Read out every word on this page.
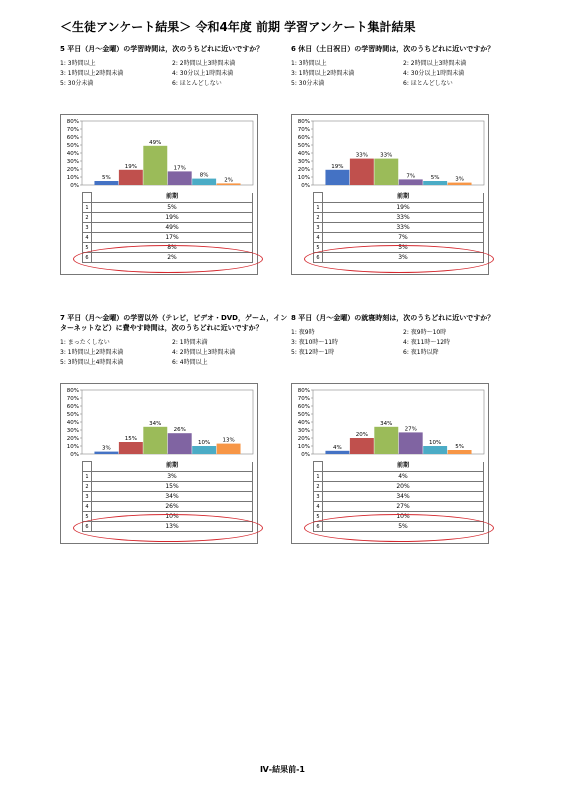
＜生徒アンケート結果＞ 令和4年度 前期 学習アンケート集計結果
5 平日（月～金曜）の学習時間は，次のうちどれに近いですか？
1: 3時間以上	2: 2時間以上3時間未満
3: 1時間以上2時間未満	4: 30分以上1時間未満
5: 30分未満	6: ほとんどしない
0%
10%
20%
30%
40%
50%
60%
70%
80%
5%
19%
49%
17%
8%
2%
	前期
1	5%
2	19%
3	49%
4	17%
5	8%
6	2%
6 休日（土日祝日）の学習時間は，次のうちどれに近いですか？
1: 3時間以上	2: 2時間以上3時間未満
3: 1時間以上2時間未満	4: 30分以上1時間未満
5: 30分未満	6: ほとんどしない
0%
10%
20%
30%
40%
50%
60%
70%
80%
19%
33% 33%
7%	5%	3%
	前期
1	19%
2	33%
3	33%
4	7%
5	5%
6	3%
7 平日（月～金曜）の学習以外（テレビ，ビデオ・DVD，ゲーム，インターネットなど）に費やす時間は，次のうちどれに近いですか？
1: まったくしない	2: 1時間未満
3: 1時間以上2時間未満	4: 2時間以上3時間未満
5: 3時間以上4時間未満	6: 4時間以上
0%
10%
20%
30%
40%
50%
60%
70%
80%
3%
15%
34%
26%
10% 13%
	前期
1	3%
2	15%
3	34%
4	26%
5	10%
6	13%
8 平日（月～金曜）の就寝時刻は，次のうちどれに近いですか？
1: 夜9時	2: 夜9時～10時
3: 夜10時～11時	4: 夜11時～12時
5: 夜12時～1時	6: 夜1時以降
0%
10%
20%
30%
40%
50%
60%
70%
80%
4%
20%
34%
27%
10%
5%
	前期
1	4%
2	20%
3	34%
4	27%
5	10%
6	5%
Ⅳ-結果前-1
